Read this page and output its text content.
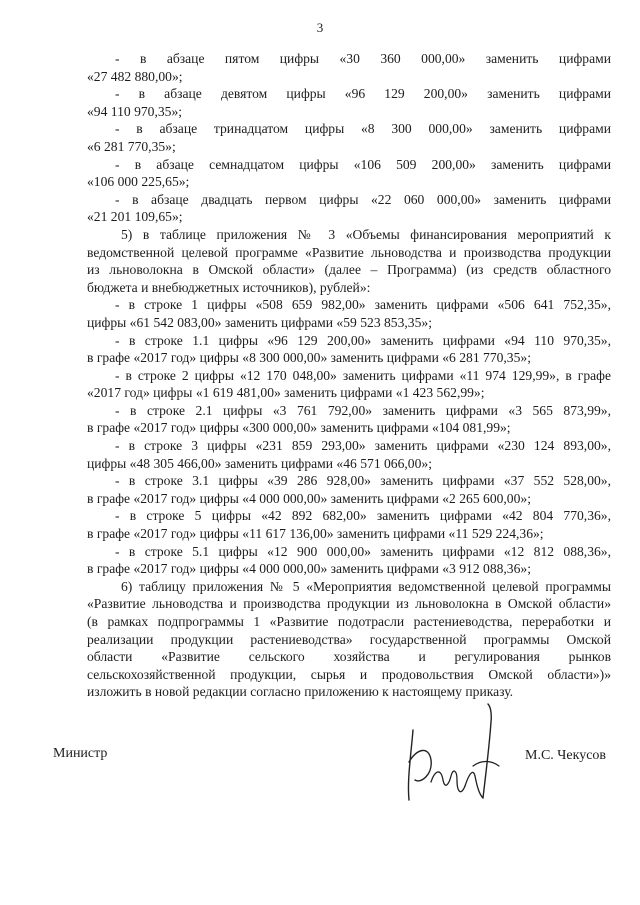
3
- в абзаце пятом цифры «30 360 000,00» заменить цифрами
«27 482 880,00»;
- в абзаце девятом цифры «96 129 200,00» заменить цифрами
«94 110 970,35»;
- в абзаце тринадцатом цифры «8 300 000,00» заменить цифрами
«6 281 770,35»;
- в абзаце семнадцатом цифры «106 509 200,00» заменить цифрами
«106 000 225,65»;
- в абзаце двадцать первом цифры «22 060 000,00» заменить цифрами
«21 201 109,65»;
5) в таблице приложения № 3 «Объемы финансирования мероприятий к
ведомственной целевой программе «Развитие льноводства и производства продукции
из льноволокна в Омской области» (далее – Программа) (из средств областного
бюджета и внебюджетных источников), рублей»:
- в строке 1 цифры «508 659 982,00» заменить цифрами «506 641 752,35»,
цифры «61 542 083,00» заменить цифрами «59 523 853,35»;
- в строке 1.1 цифры «96 129 200,00» заменить цифрами «94 110 970,35»,
в графе «2017 год» цифры «8 300 000,00» заменить цифрами «6 281 770,35»;
- в строке 2 цифры «12 170 048,00» заменить цифрами «11 974 129,99», в графе
«2017 год» цифры «1 619 481,00» заменить цифрами «1 423 562,99»;
- в строке 2.1 цифры «3 761 792,00» заменить цифрами «3 565 873,99»,
в графе «2017 год» цифры «300 000,00» заменить цифрами «104 081,99»;
- в строке 3 цифры «231 859 293,00» заменить цифрами «230 124 893,00»,
цифры «48 305 466,00» заменить цифрами «46 571 066,00»;
- в строке 3.1 цифры «39 286 928,00» заменить цифрами «37 552 528,00»,
в графе «2017 год» цифры «4 000 000,00» заменить цифрами «2 265 600,00»;
- в строке 5 цифры «42 892 682,00» заменить цифрами «42 804 770,36»,
в графе «2017 год» цифры «11 617 136,00» заменить цифрами «11 529 224,36»;
- в строке 5.1 цифры «12 900 000,00» заменить цифрами «12 812 088,36»,
в графе «2017 год» цифры «4 000 000,00» заменить цифрами «3 912 088,36»;
6) таблицу приложения № 5 «Мероприятия ведомственной целевой программы
«Развитие льноводства и производства продукции из льноволокна в Омской области»
(в рамках подпрограммы 1 «Развитие подотрасли растениеводства, переработки и
реализации продукции растениеводства» государственной программы Омской
области «Развитие сельского хозяйства и регулирования рынков
сельскохозяйственной продукции, сырья и продовольствия Омской области»)»
изложить в новой редакции согласно приложению к настоящему приказу.
Министр	М.С. Чекусов
